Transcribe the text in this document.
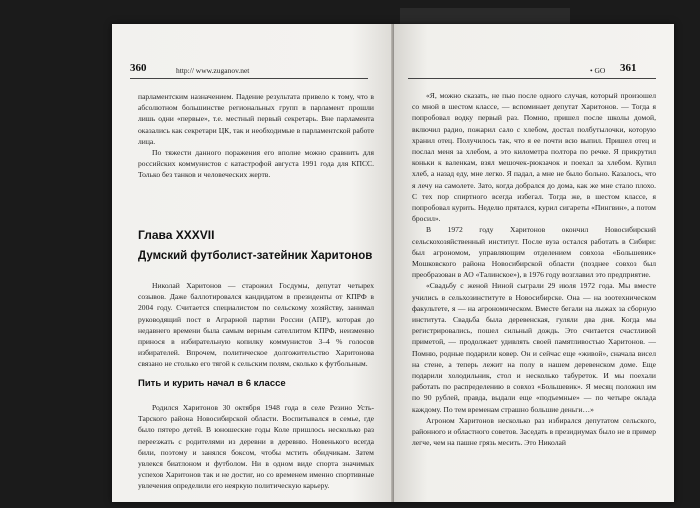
360	http:// www.zuganov.net

парламентским назначением. Падение результата привело к тому, что в абсолютном большинстве региональных групп в парламент прошли лишь одни «первые», т.е. местный первый секретарь. Вне парламента оказались как секретари ЦК, так и необходимые в парламентской работе лица.

По тяжести данного поражения его вполне можно сравнить для российских коммунистов с катастрофой августа 1991 года для КПСС. Только без танков и человеческих жертв.

Глава XXXVII
Думский футболист-затейник Харитонов

Николай Харитонов — старожил Госдумы, депутат четырех созывов. Даже баллотировался кандидатом в президенты от КПРФ в 2004 году. Считается специалистом по сельскому хозяйству, занимал руководящий пост в Аграрной партии России (АПР), которая до недавнего времени была самым верным сателлитом КПРФ, неизменно принося в избирательную копилку коммунистов 3–4 % голосов избирателей. Впрочем, политическое долгожительство Харитонова связано не столько его тягой к сельским полям, сколько к футбольным.

Пить и курить начал в 6 классе

Родился Харитонов 30 октября 1948 года в селе Резино Усть-Тарского района Новосибирской области. Воспитывался в семье, где было пятеро детей. В юношеские годы Коле пришлось несколько раз переезжать с родителями из деревни в деревню. Новенького всегда били, поэтому и занялся боксом, чтобы мстить обидчикам. Затем увлекся биатлоном и футболом. Ни в одном виде спорта значимых успехов Харитонов так и не достиг, но со временем именно спортивные увлечения определили его неяркую политическую карьеру.

• GO 361

«Я, можно сказать, не пью после одного случая, который произошел со мной в шестом классе, — вспоминает депутат Харитонов. — Тогда я попробовал водку первый раз. Помню, пришел после школы домой, включил радио, пожарил сало с хлебом, достал полбутылочки, которую хранил отец. Получилось так, что я ее почти всю выпил. Пришел отец и послал меня за хлебом, а это километра полтора по речке. Я прикрутил коньки к валенкам, взял мешочек-рюкзачок и поехал за хлебом. Купил хлеб, а назад еду, мне легко. Я падал, а мне не было больно. Казалось, что я лечу на самолете. Зато, когда добрался до дома, как же мне стало плохо. С тех пор спиртного всегда избегал. Тогда же, в шестом классе, я попробовал курить. Неделю прятался, курил сигареты «Пингвин», а потом бросил».

В 1972 году Харитонов окончил Новосибирский сельскохозяйственный институт. После вуза остался работать в Сибири: был агрономом, управляющим отделением совхоза «Большевик» Мошковского района Новосибирской области (позднее совхоз был преобразован в АО «Талинское»), в 1976 году возглавил это предприятие.

«Свадьбу с женой Ниной сыграли 29 июля 1972 года. Мы вместе учились в сельхозинституте в Новосибирске. Она — на зоотехническом факультете, я — на агрономическом. Вместе бегали на лыжах за сборную института. Свадьба была деревенская, гуляли два дня. Когда мы регистрировались, пошел сильный дождь. Это считается счастливой приметой, — продолжает удивлять своей памятливостью Харитонов. — Помню, родные подарили ковер. Он и сейчас еще «живой», сначала висел на стене, а теперь лежит на полу в нашем деревенском доме. Еще подарили холодильник, стол и несколько табуреток. И мы поехали работать по распределению в совхоз «Большевик». Я месяц положил им по 90 рублей, правда, выдали еще «подъемные» — по четыре оклада каждому. По тем временам страшно большие деньги…»

Агроном Харитонов несколько раз избирался депутатом сельского, районного и областного советов. Заседать в президиумах было не в пример легче, чем на пашне грязь месить. Это Николай
